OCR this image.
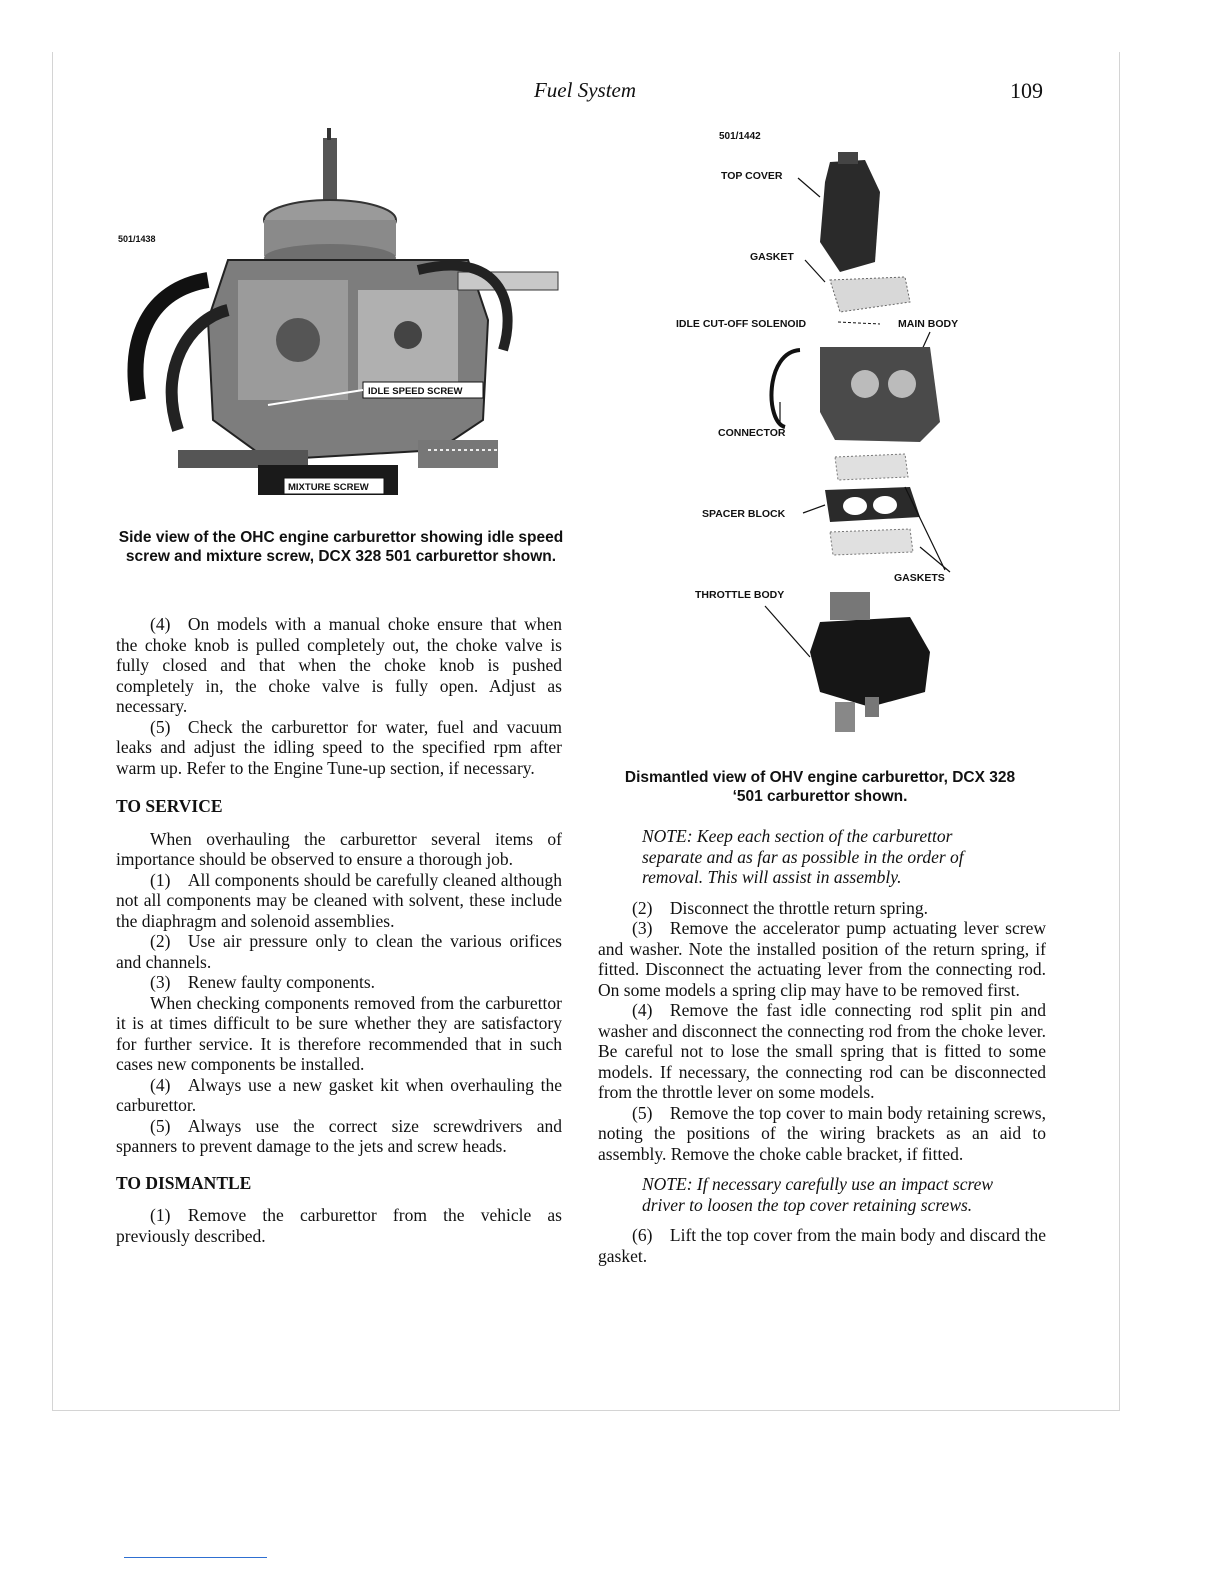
Fuel System	109
501/1438
IDLE SPEED SCREW
MIXTURE SCREW
Side view of the OHC engine carburettor showing idle speed screw and mixture screw, DCX 328 501 carburettor shown.
501/1442
TOP COVER
GASKET
IDLE CUT-OFF SOLENOID	MAIN BODY
CONNECTOR
SPACER BLOCK
GASKETS
THROTTLE BODY
Dismantled view of OHV engine carburettor, DCX 328
‘501 carburettor shown.

(4) On models with a manual choke ensure that when the choke knob is pulled completely out, the choke valve is fully closed and that when the choke knob is pushed completely in, the choke valve is fully open. Adjust as necessary.

(5) Check the carburettor for water, fuel and vacuum leaks and adjust the idling speed to the specified rpm after warm up. Refer to the Engine Tune-up section, if necessary.

TO SERVICE

When overhauling the carburettor several items of importance should be observed to ensure a thorough job.

(1) All components should be carefully cleaned although not all components may be cleaned with solvent, these include the diaphragm and solenoid assemblies.

(2) Use air pressure only to clean the various orifices and channels.

(3) Renew faulty components.

When checking components removed from the carburettor it is at times difficult to be sure whether they are satisfactory for further service. It is therefore recommended that in such cases new components be installed.

(4) Always use a new gasket kit when overhauling the carburettor.

(5) Always use the correct size screwdrivers and spanners to prevent damage to the jets and screw heads.

TO DISMANTLE

(1) Remove the carburettor from the vehicle as previously described.

NOTE: Keep each section of the carburettor separate and as far as possible in the order of removal. This will assist in assembly.

(2) Disconnect the throttle return spring.

(3) Remove the accelerator pump actuating lever screw and washer. Note the installed position of the return spring, if fitted. Disconnect the actuating lever from the connecting rod. On some models a spring clip may have to be removed first.

(4) Remove the fast idle connecting rod split pin and washer and disconnect the connecting rod from the choke lever. Be careful not to lose the small spring that is fitted to some models. If necessary, the connecting rod can be disconnected from the throttle lever on some models.

(5) Remove the top cover to main body retaining screws, noting the positions of the wiring brackets as an aid to assembly. Remove the choke cable bracket, if fitted.

NOTE: If necessary carefully use an impact screw driver to loosen the top cover retaining screws.

(6) Lift the top cover from the main body and discard the gasket.
